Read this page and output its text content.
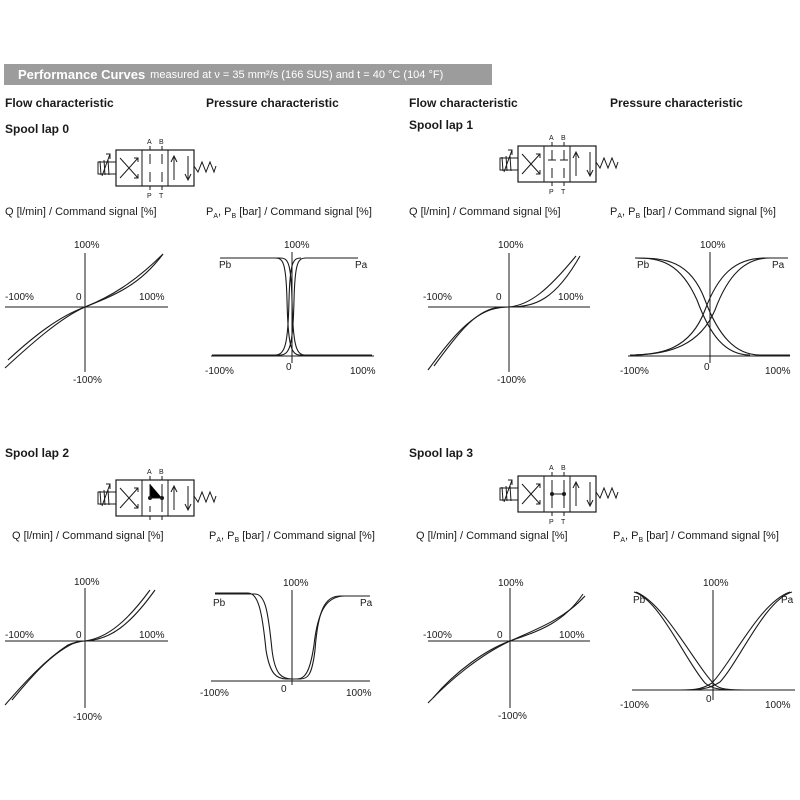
Performance Curves measured at ν = 35 mm²/s (166 SUS) and t = 40 °C (104 °F)
Flow characteristic	Pressure characteristic	Flow characteristic	Pressure characteristic
Spool lap 0	Spool lap 1
Spool lap 2	Spool lap 3
Q [l/min] / Command signal [%]	$P_A$, $P_B$ [bar] / Command signal [%]	Q [l/min] / Command signal [%]	$P_A$, $P_B$ [bar] / Command signal [%]
Q [l/min] / Command signal [%]	$P_A$, $P_B$ [bar] / Command signal [%]	Q [l/min] / Command signal [%]	$P_A$, $P_B$ [bar] / Command signal [%]
A B
P T
A B
P T
A B
A B
P T
100%
-100%	0	100%
-100%
100%
Pb	Pa
-100%	0	100%
100%
-100%	0	100%
-100%
100%
Pb	Pa
-100%	0	100%
100%
-100%	0	100%
-100%
100%
Pb	Pa
-100%	0	100%
100%
-100%	0	100%
-100%
100%
Pb	Pa
-100%
0
100%
